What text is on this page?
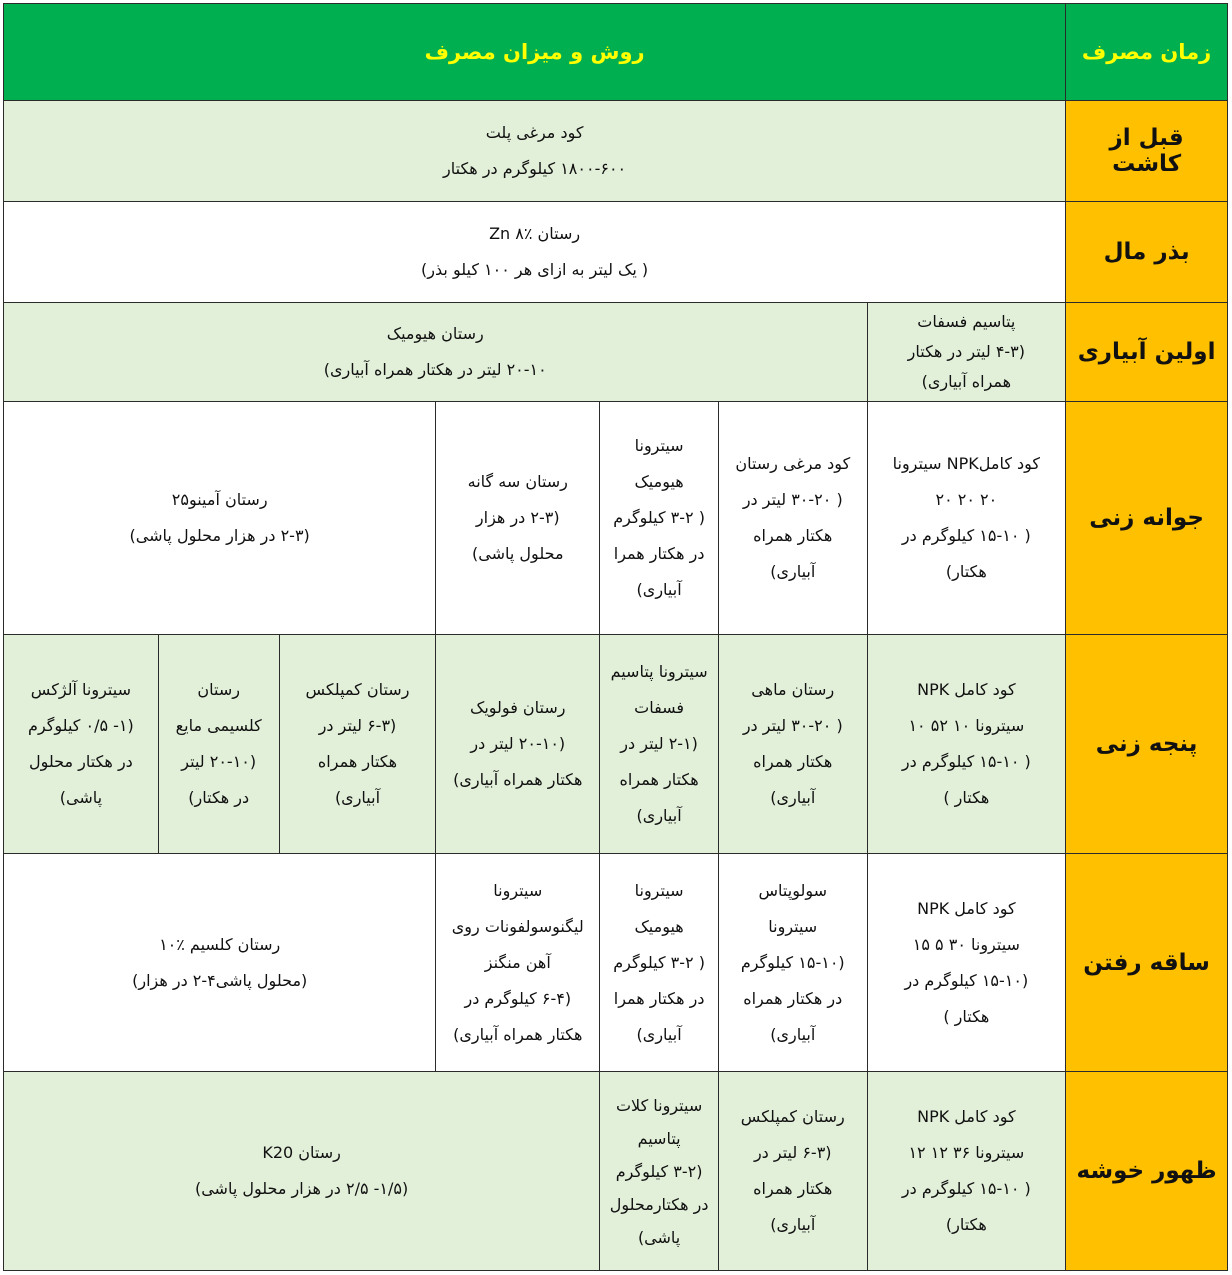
زمان مصرف	روش و میزان مصرف						
قبل از کاشت	کود مرغی پلت
۱۸۰۰-۶۰۰ کیلوگرم در هکتار						

بذر مال	رستان ٪۸ Zn
( یک لیتر به ازای هر ۱۰۰ کیلو بذر)						

اولین آبیاری	پتاسیم فسفات
(۴-۳ لیتر در هکتار
همراه آبیاری)	رستان هیومیک
۲۰-۱۰ لیتر در هکتار همراه آبیاری)					

جوانه زنی	کود کاملNPK سیترونا
۲۰ ۲۰ ۲۰
( ۱۵-۱۰ کیلوگرم در
هکتار)	کود مرغی رستان
( ۳۰-۲۰ لیتر در
هکتار همراه
آبیاری)	سیترونا
هیومیک
( ۳-۲ کیلوگرم
در هکتار همرا
آبیاری)	رستان سه گانه
(۲-۳ در هزار
محلول پاشی)	رستان آمینو۲۵
(۲-۳ در هزار محلول پاشی)		

پنجه زنی	کود کامل NPK
سیترونا ۱۰ ۵۲ ۱۰
( ۱۵-۱۰ کیلوگرم در
هکتار )	رستان ماهی
( ۳۰-۲۰ لیتر در
هکتار همراه
آبیاری)	سیترونا پتاسیم
فسفات
(۲-۱ لیتر در
هکتار همراه
آبیاری)	رستان فولویک
(۲۰-۱۰ لیتر در
هکتار همراه آبیاری)	رستان کمپلکس
(۶-۳ لیتر در
هکتار همراه
آبیاری)	رستان
کلسیمی مایع
(۲۰-۱۰ لیتر
در هکتار)	سیترونا آلژکس
(۱- ۰/۵ کیلوگرم
در هکتار محلول
پاشی)

ساقه رفتن	کود کامل NPK
سیترونا ۳۰ ۵ ۱۵
(۱۵-۱۰ کیلوگرم در
هکتار )	سولوپتاس
سیترونا
(۱۵-۱۰ کیلوگرم
در هکتار همراه
آبیاری)	سیترونا
هیومیک
( ۳-۲ کیلوگرم
در هکتار همرا
آبیاری)	سیترونا
لیگنوسولفونات روی
آهن منگنز
(۶-۴ کیلوگرم در
هکتار همراه آبیاری)	رستان کلسیم ٪۱۰
(محلول پاشی۴-۲ در هزار)		

ظهور خوشه	کود کامل NPK
سیترونا ۳۶ ۱۲ ۱۲
( ۱۵-۱۰ کیلوگرم در
هکتار)	رستان کمپلکس
(۶-۳ لیتر در
هکتار همراه
آبیاری)	سیترونا کلات
پتاسیم
(۳-۲ کیلوگرم
در هکتارمحلول
پاشی)	رستان K20
(۱/۵- ۲/۵ در هزار محلول پاشی)			
